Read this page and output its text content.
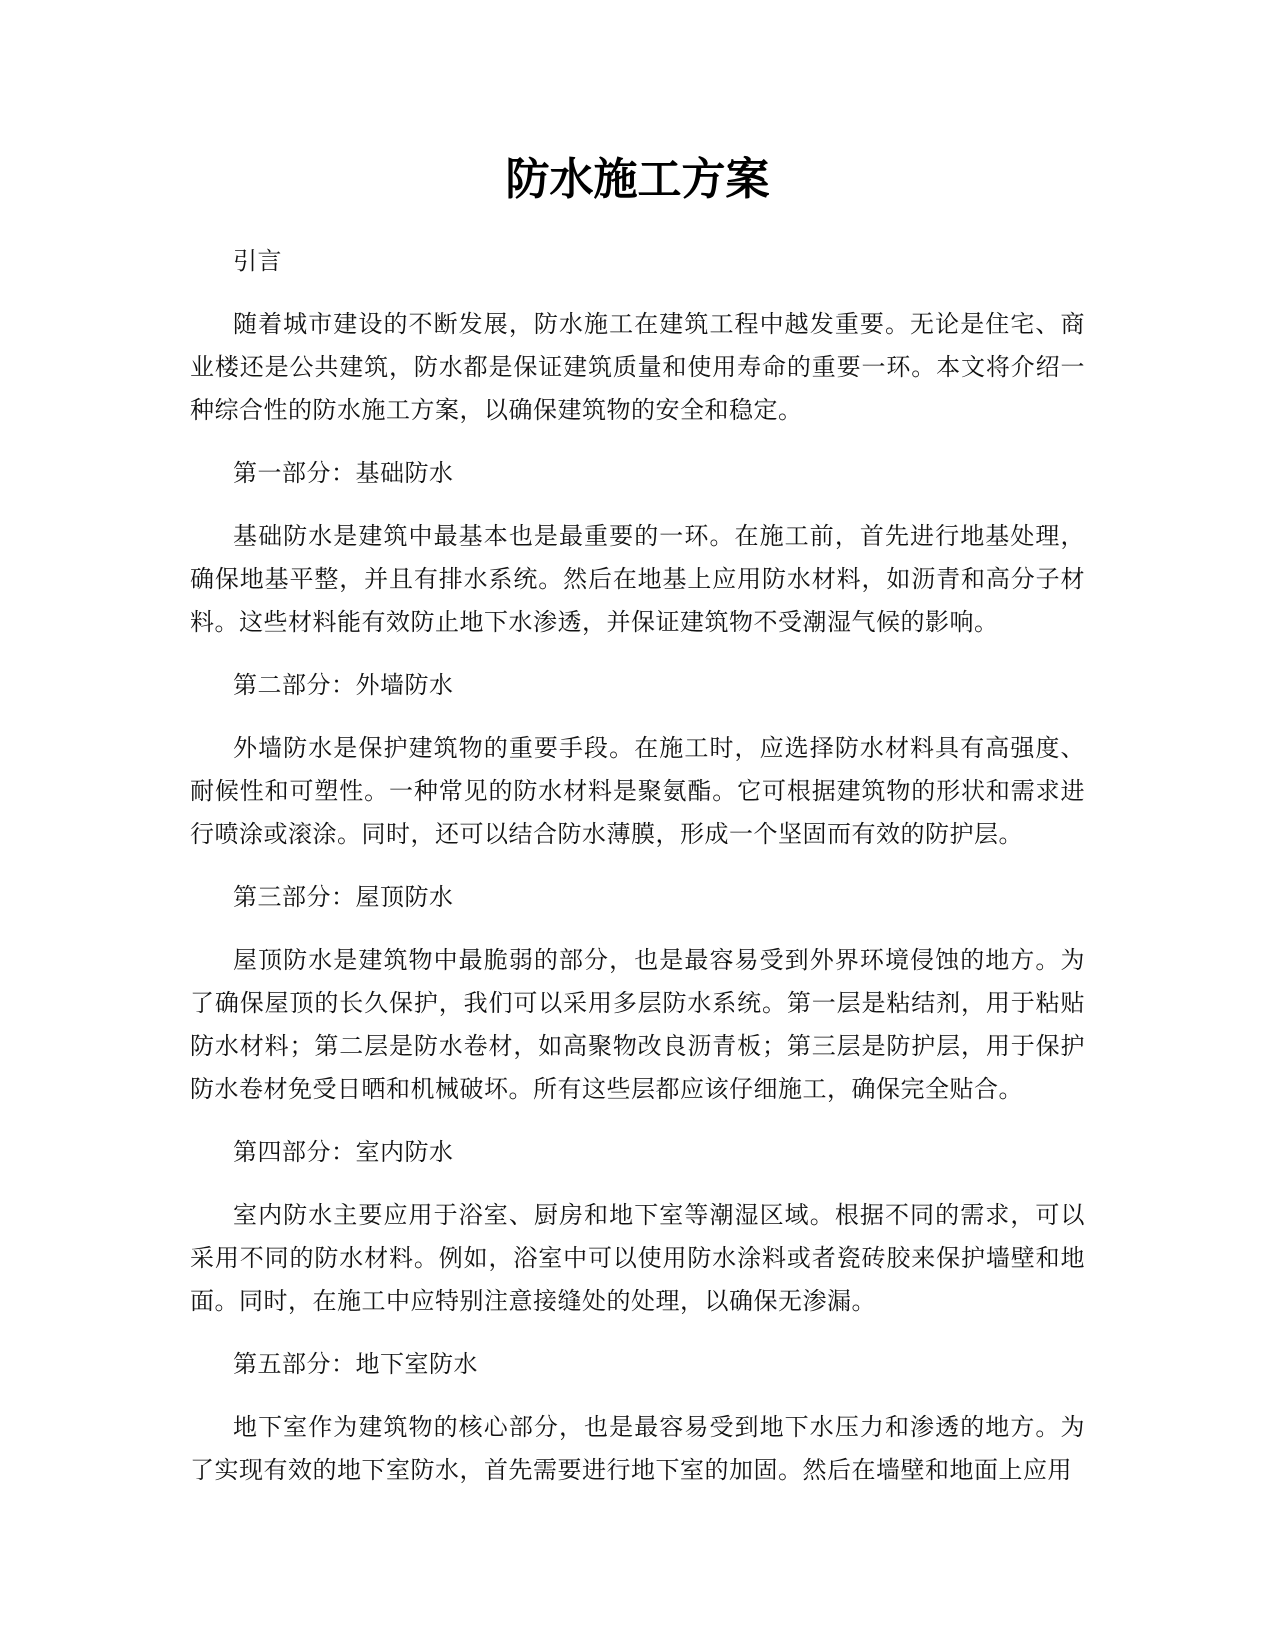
防水施工方案

引言

随着城市建设的不断发展，防水施工在建筑工程中越发重要。无论是住宅、商业楼还是公共建筑，防水都是保证建筑质量和使用寿命的重要一环。本文将介绍一种综合性的防水施工方案，以确保建筑物的安全和稳定。

第一部分：基础防水

基础防水是建筑中最基本也是最重要的一环。在施工前，首先进行地基处理，确保地基平整，并且有排水系统。然后在地基上应用防水材料，如沥青和高分子材料。这些材料能有效防止地下水渗透，并保证建筑物不受潮湿气候的影响。

第二部分：外墙防水

外墙防水是保护建筑物的重要手段。在施工时，应选择防水材料具有高强度、耐候性和可塑性。一种常见的防水材料是聚氨酯。它可根据建筑物的形状和需求进行喷涂或滚涂。同时，还可以结合防水薄膜，形成一个坚固而有效的防护层。

第三部分：屋顶防水

屋顶防水是建筑物中最脆弱的部分，也是最容易受到外界环境侵蚀的地方。为了确保屋顶的长久保护，我们可以采用多层防水系统。第一层是粘结剂，用于粘贴防水材料；第二层是防水卷材，如高聚物改良沥青板；第三层是防护层，用于保护防水卷材免受日晒和机械破坏。所有这些层都应该仔细施工，确保完全贴合。

第四部分：室内防水

室内防水主要应用于浴室、厨房和地下室等潮湿区域。根据不同的需求，可以采用不同的防水材料。例如，浴室中可以使用防水涂料或者瓷砖胶来保护墙壁和地面。同时，在施工中应特别注意接缝处的处理，以确保无渗漏。

第五部分：地下室防水

地下室作为建筑物的核心部分，也是最容易受到地下水压力和渗透的地方。为了实现有效的地下室防水，首先需要进行地下室的加固。然后在墙壁和地面上应用
